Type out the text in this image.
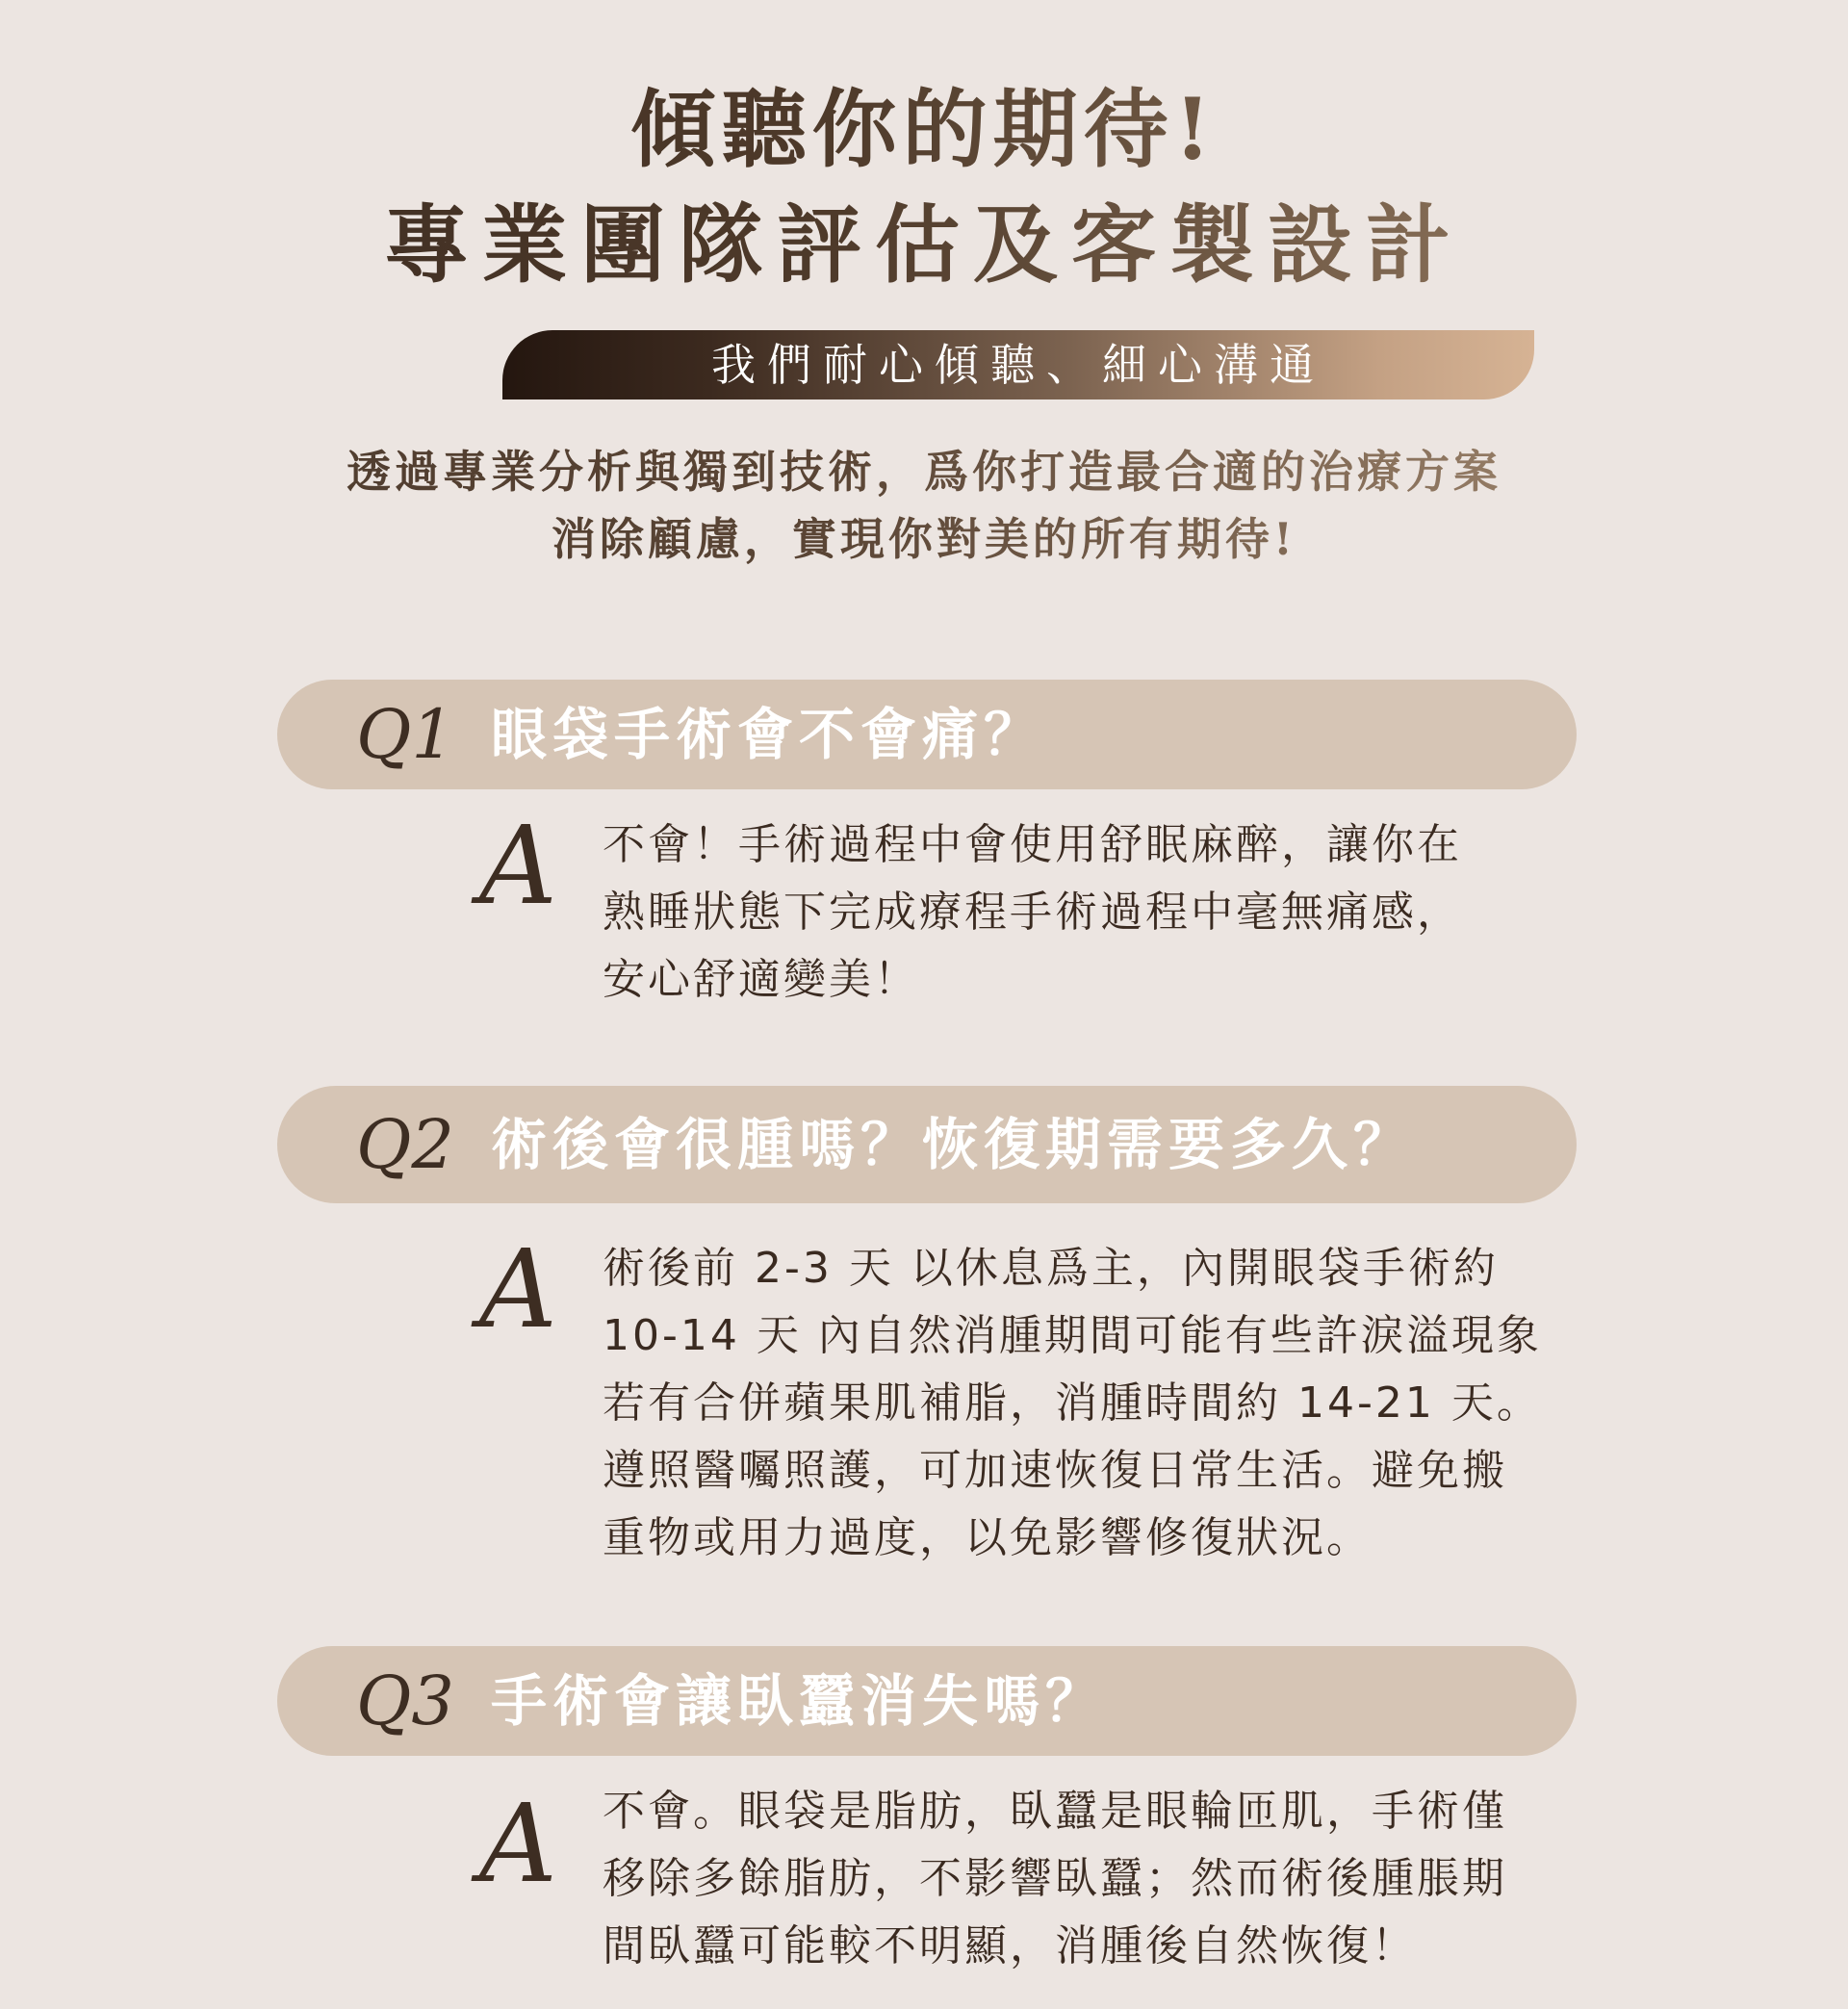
傾聽你的期待!
專業團隊評估及客製設計
我們耐心傾聽、細心溝通
透過專業分析與獨到技術，爲你打造最合適的治療方案
消除顧慮，實現你對美的所有期待!
Q1 眼袋手術會不會痛？
A 不會！手術過程中會使用舒眠麻醉，讓你在
熟睡狀態下完成療程手術過程中毫無痛感，
安心舒適變美！
Q2 術後會很腫嗎？恢復期需要多久？
A 術後前 2-3 天 以休息爲主，內開眼袋手術約
10-14 天 內自然消腫期間可能有些許淚溢現象
若有合併蘋果肌補脂，消腫時間約 14-21 天。
遵照醫囑照護，可加速恢復日常生活。避免搬
重物或用力過度，以免影響修復狀況。
Q3 手術會讓臥蠶消失嗎？
A 不會。眼袋是脂肪，臥蠶是眼輪匝肌，手術僅
移除多餘脂肪，不影響臥蠶；然而術後腫脹期
間臥蠶可能較不明顯，消腫後自然恢復！
